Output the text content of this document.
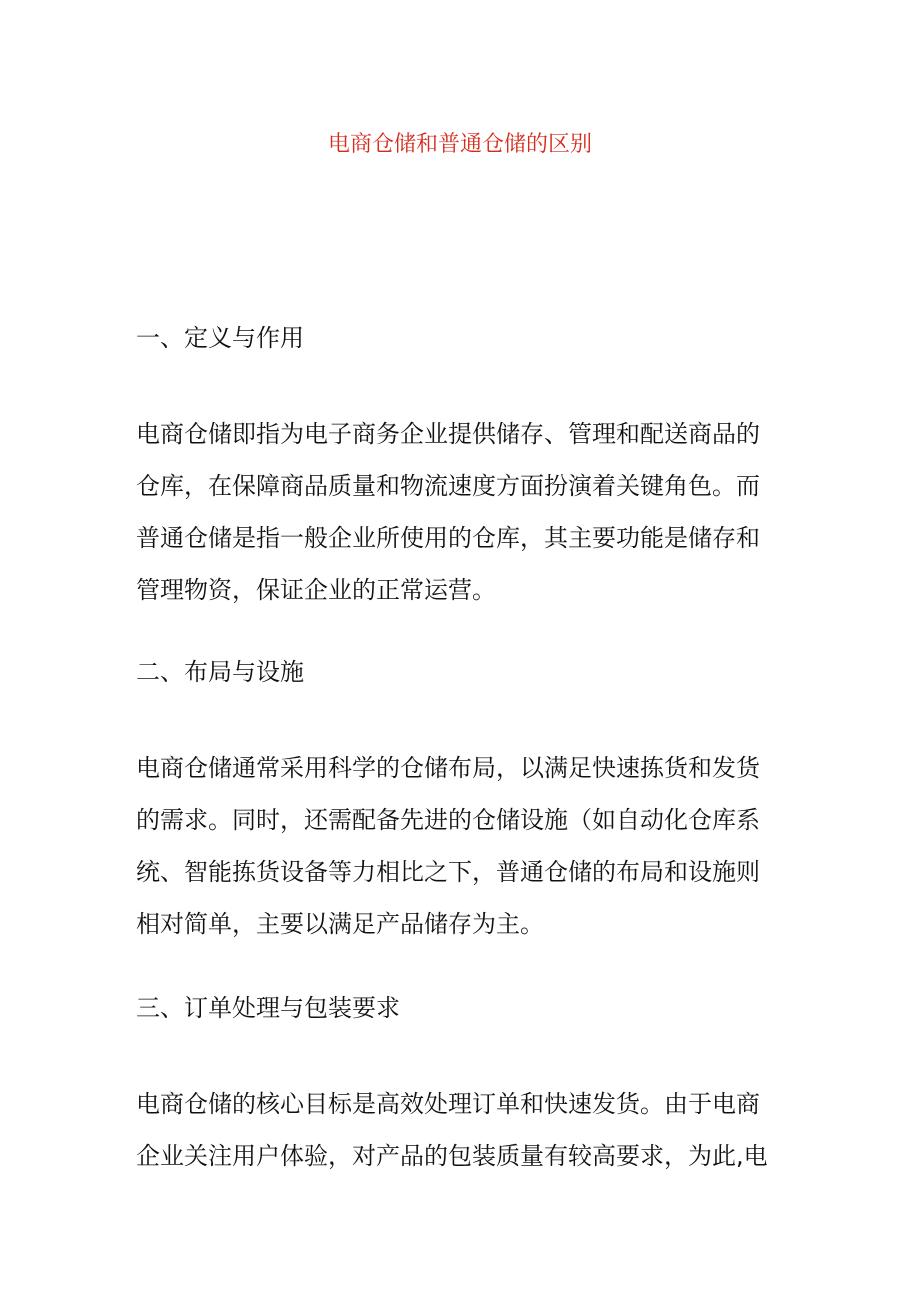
电商仓储和普通仓储的区别
一、定义与作用
电商仓储即指为电子商务企业提供储存、管理和配送商品的
仓库，在保障商品质量和物流速度方面扮演着关键角色。而
普通仓储是指一般企业所使用的仓库，其主要功能是储存和
管理物资，保证企业的正常运营。
二、布局与设施
电商仓储通常采用科学的仓储布局，以满足快速拣货和发货
的需求。同时，还需配备先进的仓储设施（如自动化仓库系
统、智能拣货设备等力相比之下，普通仓储的布局和设施则
相对简单，主要以满足产品储存为主。
三、订单处理与包装要求
电商仓储的核心目标是高效处理订单和快速发货。由于电商
企业关注用户体验，对产品的包装质量有较高要求，为此,电
